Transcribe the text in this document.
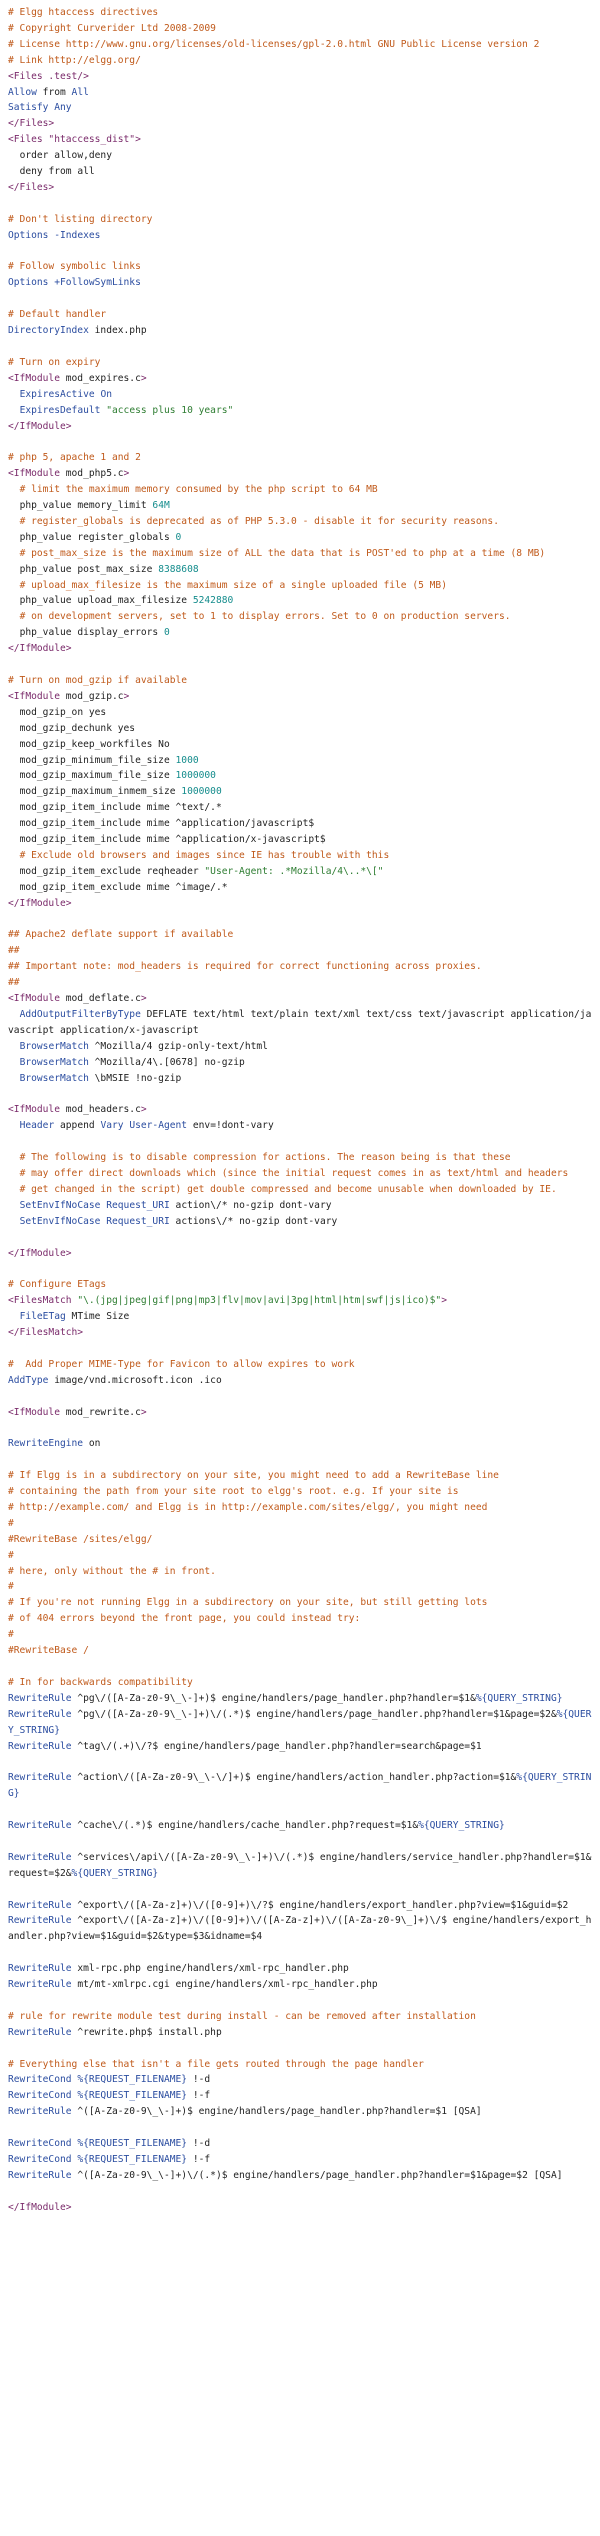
# Elgg htaccess directives
# Copyright Curverider Ltd 2008-2009
# License http://www.gnu.org/licenses/old-licenses/gpl-2.0.html GNU Public License version 2
# Link http://elgg.org/
<Files .test/>
Allow from All
Satisfy Any
</Files>
<Files "htaccess_dist">
order allow,deny
deny from all
</Files>
# Don't listing directory
Options -Indexes
# Follow symbolic links
Options +FollowSymLinks
# Default handler
DirectoryIndex index.php
# Turn on expiry
<IfModule mod_expires.c>
ExpiresActive On
ExpiresDefault "access plus 10 years"
</IfModule>
# php 5, apache 1 and 2
<IfModule mod_php5.c>
# limit the maximum memory consumed by the php script to 64 MB
php_value memory_limit 64M
# register_globals is deprecated as of PHP 5.3.0 - disable it for security reasons.
php_value register_globals 0
# post_max_size is the maximum size of ALL the data that is POST'ed to php at a time (8 MB)
php_value post_max_size 8388608
# upload_max_filesize is the maximum size of a single uploaded file (5 MB)
php_value upload_max_filesize 5242880
# on development servers, set to 1 to display errors. Set to 0 on production servers.
php_value display_errors 0
</IfModule>
# Turn on mod_gzip if available
<IfModule mod_gzip.c>
mod_gzip_on yes
mod_gzip_dechunk yes
mod_gzip_keep_workfiles No
mod_gzip_minimum_file_size 1000
mod_gzip_maximum_file_size 1000000
mod_gzip_maximum_inmem_size 1000000
mod_gzip_item_include mime ^text/.*
mod_gzip_item_include mime ^application/javascript$
mod_gzip_item_include mime ^application/x-javascript$
# Exclude old browsers and images since IE has trouble with this
mod_gzip_item_exclude reqheader "User-Agent: .*Mozilla/4\..*\["
mod_gzip_item_exclude mime ^image/.*
</IfModule>
## Apache2 deflate support if available
##
## Important note: mod_headers is required for correct functioning across proxies.
##
<IfModule mod_deflate.c>
AddOutputFilterByType DEFLATE text/html text/plain text/xml text/css text/javascript application/javascript application/x-javascript
BrowserMatch ^Mozilla/4 gzip-only-text/html
BrowserMatch ^Mozilla/4\.[0678] no-gzip
BrowserMatch \bMSIE !no-gzip
<IfModule mod_headers.c>
Header append Vary User-Agent env=!dont-vary
# The following is to disable compression for actions. The reason being is that these
# may offer direct downloads which (since the initial request comes in as text/html and headers
# get changed in the script) get double compressed and become unusable when downloaded by IE.
SetEnvIfNoCase Request_URI action\/* no-gzip dont-vary
SetEnvIfNoCase Request_URI actions\/* no-gzip dont-vary
</IfModule>
# Configure ETags
<FilesMatch "\.(jpg|jpeg|gif|png|mp3|flv|mov|avi|3pg|html|htm|swf|js|ico)$">
FileETag MTime Size
</FilesMatch>
#  Add Proper MIME-Type for Favicon to allow expires to work
AddType image/vnd.microsoft.icon .ico
<IfModule mod_rewrite.c>
RewriteEngine on
# If Elgg is in a subdirectory on your site, you might need to add a RewriteBase line
# containing the path from your site root to elgg's root. e.g. If your site is
# http://example.com/ and Elgg is in http://example.com/sites/elgg/, you might need
#
#RewriteBase /sites/elgg/
#
# here, only without the # in front.
#
# If you're not running Elgg in a subdirectory on your site, but still getting lots
# of 404 errors beyond the front page, you could instead try:
#
#RewriteBase /
# In for backwards compatibility
RewriteRule ^pg\/([A-Za-z0-9\_\-]+)$ engine/handlers/page_handler.php?handler=$1&%{QUERY_STRING}
RewriteRule ^pg\/([A-Za-z0-9\_\-]+)\/(.*)$ engine/handlers/page_handler.php?handler=$1&page=$2&%{QUERY_STRING}
RewriteRule ^tag\/(.+)\/?$ engine/handlers/page_handler.php?handler=search&page=$1
RewriteRule ^action\/([A-Za-z0-9\_\-\/]+)$ engine/handlers/action_handler.php?action=$1&%{QUERY_STRING}
RewriteRule ^cache\/(.*)$ engine/handlers/cache_handler.php?request=$1&%{QUERY_STRING}
RewriteRule ^services\/api\/([A-Za-z0-9\_\-]+)\/(.*)$ engine/handlers/service_handler.php?handler=$1&request=$2&%{QUERY_STRING}
RewriteRule ^export\/([A-Za-z]+)\/([0-9]+)\/?$ engine/handlers/export_handler.php?view=$1&guid=$2
RewriteRule ^export\/([A-Za-z]+)\/([0-9]+)\/([A-Za-z]+)\/([A-Za-z0-9\_]+)\/$ engine/handlers/export_handler.php?view=$1&guid=$2&type=$3&idname=$4
RewriteRule xml-rpc.php engine/handlers/xml-rpc_handler.php
RewriteRule mt/mt-xmlrpc.cgi engine/handlers/xml-rpc_handler.php
# rule for rewrite module test during install - can be removed after installation
RewriteRule ^rewrite.php$ install.php
# Everything else that isn't a file gets routed through the page handler
RewriteCond %{REQUEST_FILENAME} !-d
RewriteCond %{REQUEST_FILENAME} !-f
RewriteRule ^([A-Za-z0-9\_\-]+)$ engine/handlers/page_handler.php?handler=$1 [QSA]
RewriteCond %{REQUEST_FILENAME} !-d
RewriteCond %{REQUEST_FILENAME} !-f
RewriteRule ^([A-Za-z0-9\_\-]+)\/(.*)$ engine/handlers/page_handler.php?handler=$1&page=$2 [QSA]
</IfModule>
